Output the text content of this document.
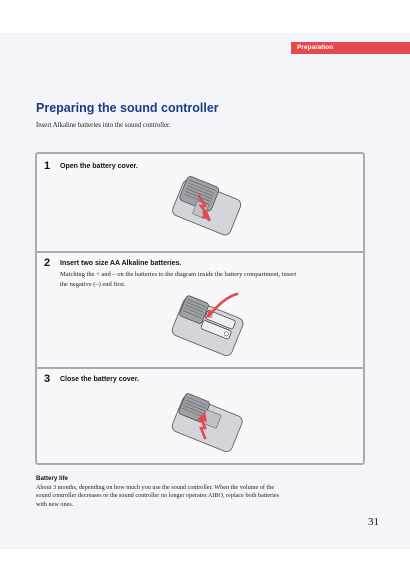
Preparation
Preparing the sound controller
Insert Alkaline batteries into the sound controller.
1 Open the battery cover.
2 Insert two size AA Alkaline batteries.
Matching the + and – on the batteries to the diagram inside the battery compartment, insert the negative (–) end first.
3 Close the battery cover.
Battery life
About 3 months, depending on how much you use the sound controller. When the volume of the sound controller decreases or the sound controller no longer operates AIBO, replace both batteries with new ones.
31
